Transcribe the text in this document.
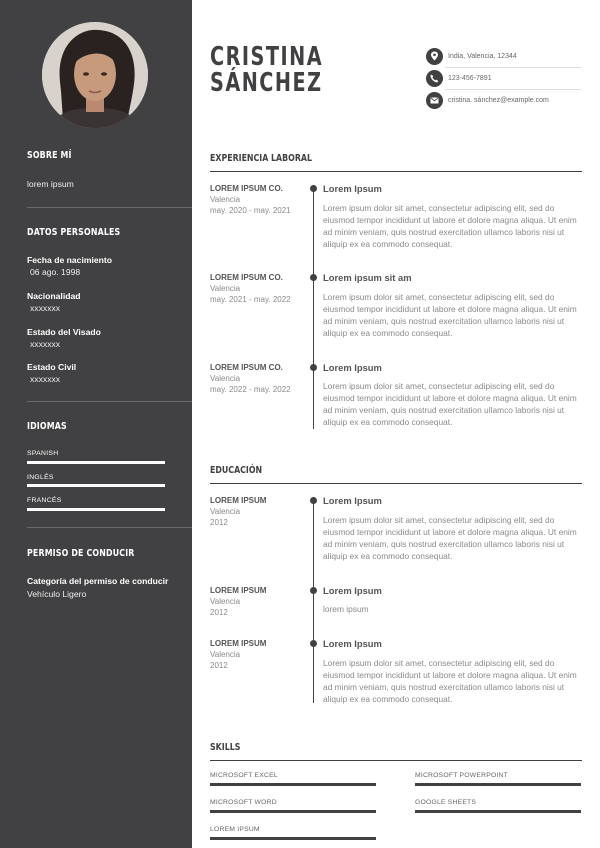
SOBRE MÍ
lorem ipsum
DATOS PERSONALES
Fecha de nacimiento
06 ago. 1998
Nacionalidad
xxxxxxx
Estado del Visado
xxxxxxx
Estado Civil
xxxxxxx
IDIOMAS
SPANISH
INGLÉS
FRANCÉS
PERMISO DE CONDUCIR
Categoría del permiso de conducir
Vehículo Ligero
CRISTINA
SÁNCHEZ
India, Valencia, 12344
123-456-7891
cristina. sánchez@example.com
EXPERIENCIA LABORAL
LOREM IPSUM CO.
Valencia
may. 2020 - may. 2021
Lorem Ipsum
Lorem ipsum dolor sit amet, consectetur adipiscing elit, sed do eiusmod tempor incididunt ut labore et dolore magna aliqua. Ut enim ad minim veniam, quis nostrud exercitation ullamco laboris nisi ut aliquip ex ea commodo consequat.
LOREM IPSUM CO.
Valencia
may. 2021 - may. 2022
Lorem ipsum sit am
Lorem ipsum dolor sit amet, consectetur adipiscing elit, sed do eiusmod tempor incididunt ut labore et dolore magna aliqua. Ut enim ad minim veniam, quis nostrud exercitation ullamco laboris nisi ut aliquip ex ea commodo consequat.
LOREM IPSUM CO.
Valencia
may. 2022 - may. 2022
Lorem Ipsum
Lorem ipsum dolor sit amet, consectetur adipiscing elit, sed do eiusmod tempor incididunt ut labore et dolore magna aliqua. Ut enim ad minim veniam, quis nostrud exercitation ullamco laboris nisi ut aliquip ex ea commodo consequat.
EDUCACIÓN
LOREM IPSUM
Valencia
2012
Lorem Ipsum
Lorem ipsum dolor sit amet, consectetur adipiscing elit, sed do eiusmod tempor incididunt ut labore et dolore magna aliqua. Ut enim ad minim veniam, quis nostrud exercitation ullamco laboris nisi ut aliquip ex ea commodo consequat.
LOREM IPSUM
Valencia
2012
Lorem Ipsum
lorem ipsum
LOREM IPSUM
Valencia
2012
Lorem Ipsum
Lorem ipsum dolor sit amet, consectetur adipiscing elit, sed do eiusmod tempor incididunt ut labore et dolore magna aliqua. Ut enim ad minim veniam, quis nostrud exercitation ullamco laboris nisi ut aliquip ex ea commodo consequat.
SKILLS
MICROSOFT EXCEL	MICROSOFT POWERPOINT
MICROSOFT WORD	GOOGLE SHEETS
LOREM IPSUM
